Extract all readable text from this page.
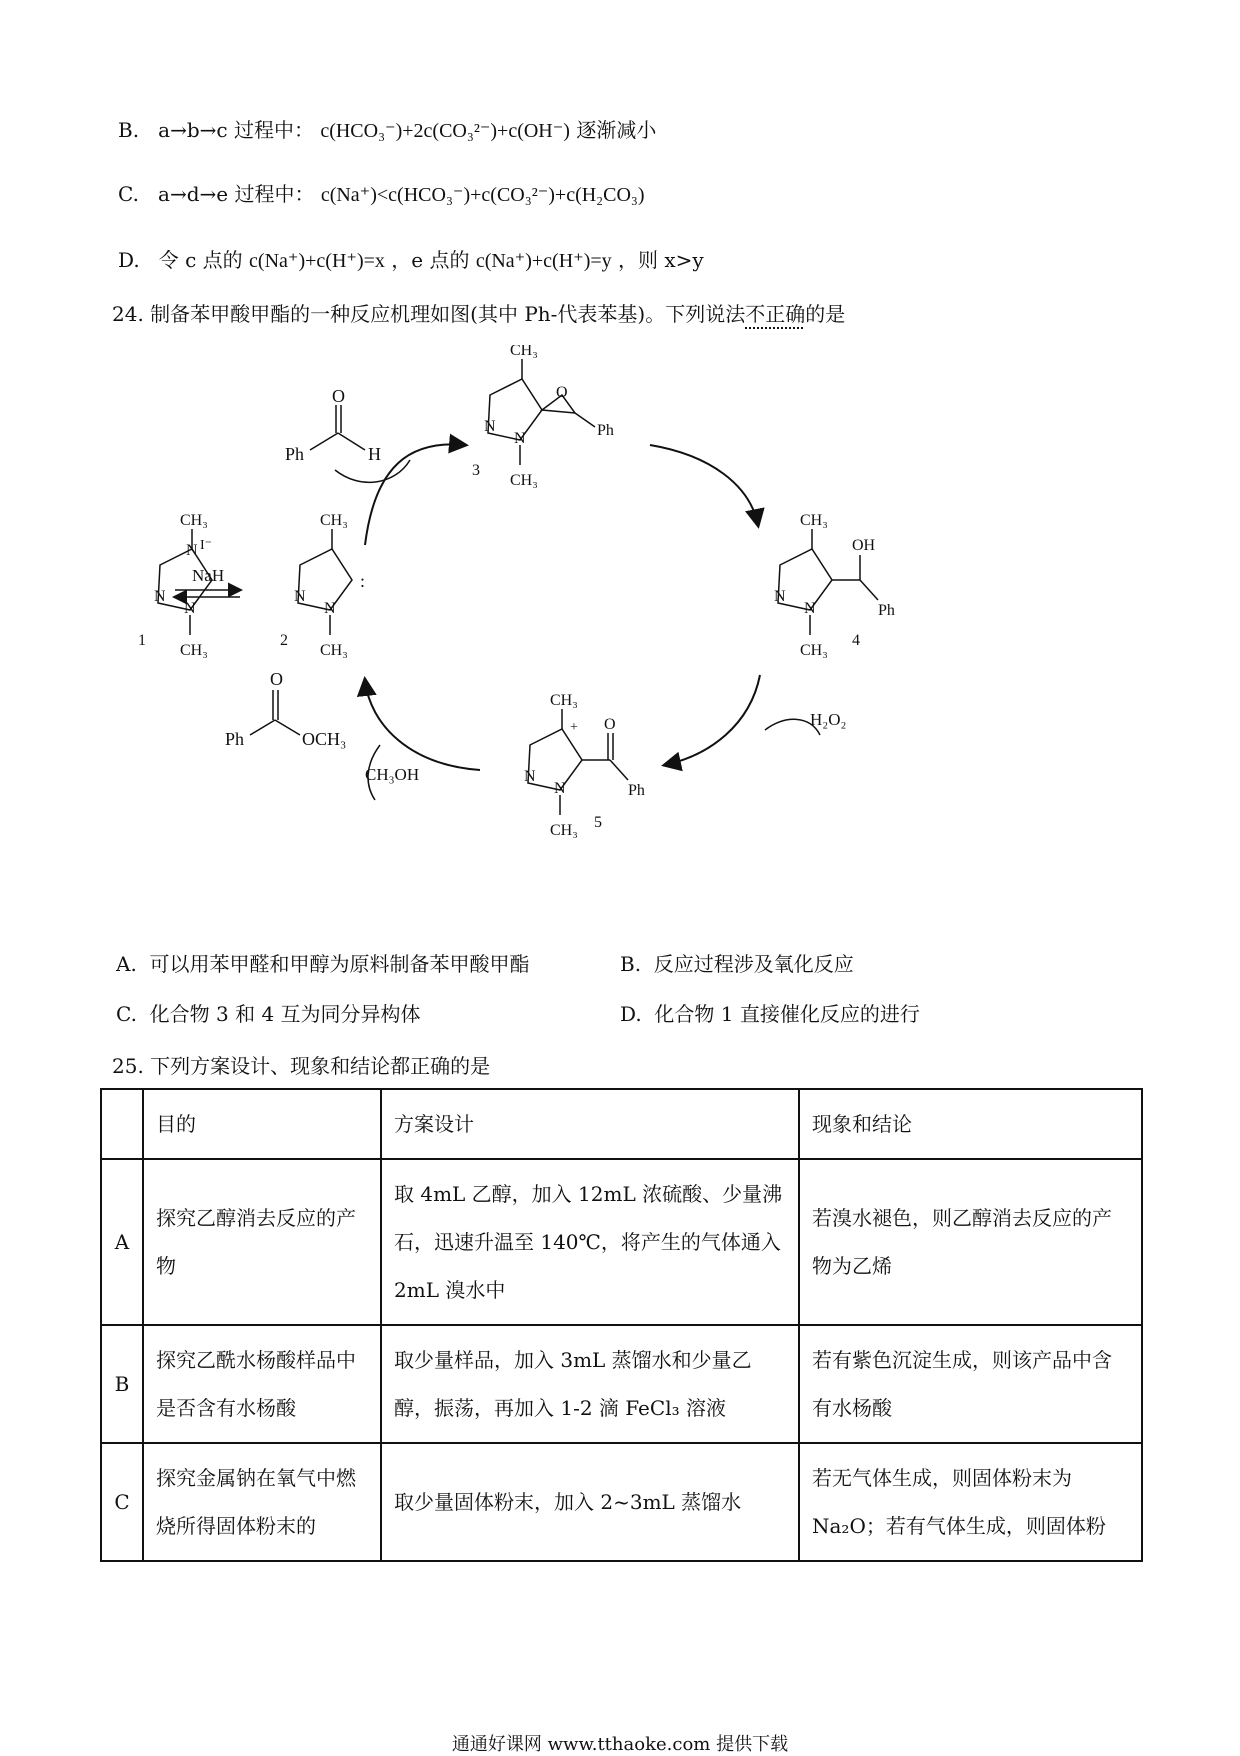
B. a→b→c 过程中： c(HCO₃⁻)+2c(CO₃²⁻)+c(OH⁻) 逐渐减小
C. a→d→e 过程中： c(Na⁺)<c(HCO₃⁻)+c(CO₃²⁻)+c(H₂CO₃)
D. 令 c 点的 c(Na⁺)+c(H⁺)=x ，e 点的 c(Na⁺)+c(H⁺)=y ，则 x>y
24. 制备苯甲酸甲酯的一种反应机理如图(其中 Ph-代表苯基)。下列说法不正确的是
Ph
O
H
CH₃
N I⁻
N
N
CH₃
1
NaH
CH₃
N
N
:
CH₃
2
CH₃
N
N
O
Ph
CH₃
3
CH₃
N
N
OH
Ph
CH₃
4
H₂O₂
CH₃
+
N
N
O
Ph
CH₃ 5
Ph
O
OCH₃
CH₃OH
A. 可以用苯甲醛和甲醇为原料制备苯甲酸甲酯	B. 反应过程涉及氧化反应
C. 化合物 3 和 4 互为同分异构体	D. 化合物 1 直接催化反应的进行
25. 下列方案设计、现象和结论都正确的是
	目的	方案设计	现象和结论
A	探究乙醇消去反应的产物	取 4mL 乙醇，加入 12mL 浓硫酸、少量沸石，迅速升温至 140℃，将产生的气体通入 2mL 溴水中	若溴水褪色，则乙醇消去反应的产物为乙烯
B	探究乙酰水杨酸样品中是否含有水杨酸	取少量样品，加入 3mL 蒸馏水和少量乙醇，振荡，再加入 1-2 滴 FeCl₃ 溶液	若有紫色沉淀生成，则该产品中含有水杨酸
C	探究金属钠在氧气中燃烧所得固体粉末的	取少量固体粉末，加入 2~3mL 蒸馏水	若无气体生成，则固体粉末为 Na₂O；若有气体生成，则固体粉
通通好课网 www.tthaoke.com 提供下载
